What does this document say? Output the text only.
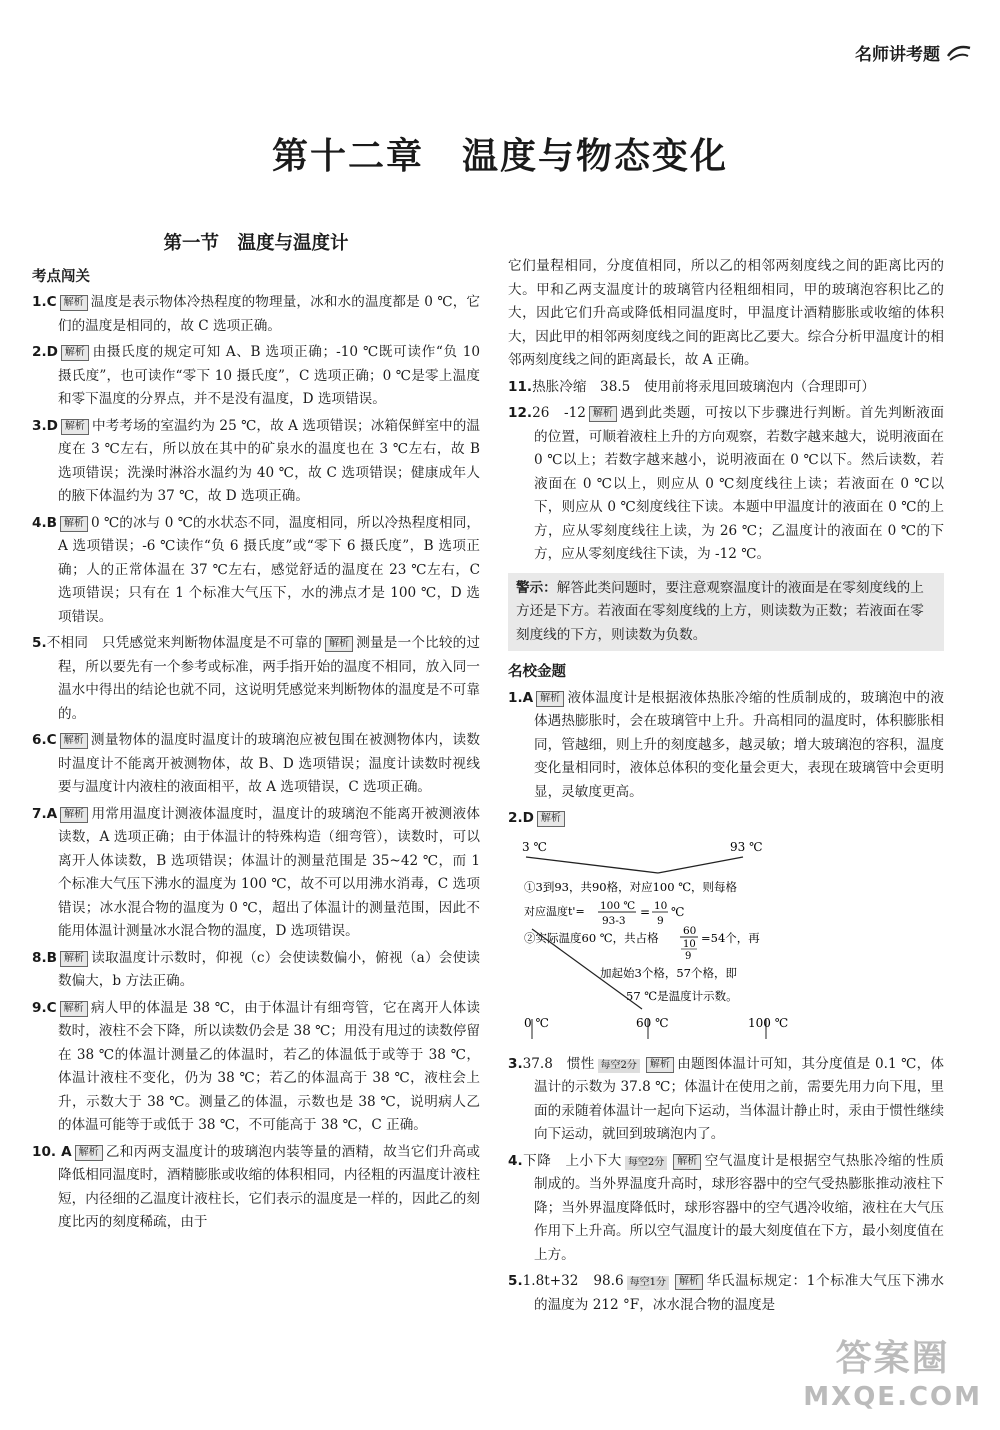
名师讲考题
第十二章　温度与物态变化
第一节　温度与温度计
考点闯关
1.C 解析 温度是表示物体冷热程度的物理量，冰和水的温度都是 0 ℃，它们的温度是相同的，故 C 选项正确。
2.D 解析 由摄氏度的规定可知 A、B 选项正确；-10 ℃既可读作“负 10 摄氏度”，也可读作“零下 10 摄氏度”，C 选项正确；0 ℃是零上温度和零下温度的分界点，并不是没有温度，D 选项错误。
3.D 解析 中考考场的室温约为 25 ℃，故 A 选项错误；冰箱保鲜室中的温度在 3 ℃左右，所以放在其中的矿泉水的温度也在 3 ℃左右，故 B 选项错误；洗澡时淋浴水温约为 40 ℃，故 C 选项错误；健康成年人的腋下体温约为 37 ℃，故 D 选项正确。
4.B 解析 0 ℃的冰与 0 ℃的水状态不同，温度相同，所以冷热程度相同，A 选项错误；-6 ℃读作“负 6 摄氏度”或“零下 6 摄氏度”，B 选项正确；人的正常体温在 37 ℃左右，感觉舒适的温度在 23 ℃左右，C 选项错误；只有在 1 个标准大气压下，水的沸点才是 100 ℃，D 选项错误。
5.不相同　只凭感觉来判断物体温度是不可靠的 解析 测量是一个比较的过程，所以要先有一个参考或标准，两手指开始的温度不相同，放入同一温水中得出的结论也就不同，这说明凭感觉来判断物体的温度是不可靠的。
6.C 解析 测量物体的温度时温度计的玻璃泡应被包围在被测物体内，读数时温度计不能离开被测物体，故 B、D 选项错误；温度计读数时视线要与温度计内液柱的液面相平，故 A 选项错误，C 选项正确。
7.A 解析 用常用温度计测液体温度时，温度计的玻璃泡不能离开被测液体读数，A 选项正确；由于体温计的特殊构造（细弯管），读数时，可以离开人体读数，B 选项错误；体温计的测量范围是 35~42 ℃，而 1 个标准大气压下沸水的温度为 100 ℃，故不可以用沸水消毒，C 选项错误；冰水混合物的温度为 0 ℃，超出了体温计的测量范围，因此不能用体温计测量冰水混合物的温度，D 选项错误。
8.B 解析 读取温度计示数时，仰视（c）会使读数偏小，俯视（a）会使读数偏大，b 方法正确。
9.C 解析 病人甲的体温是 38 ℃，由于体温计有细弯管，它在离开人体读数时，液柱不会下降，所以读数仍会是 38 ℃；用没有甩过的读数停留在 38 ℃的体温计测量乙的体温时，若乙的体温低于或等于 38 ℃，体温计液柱不变化，仍为 38 ℃；若乙的体温高于 38 ℃，液柱会上升，示数大于 38 ℃。测量乙的体温，示数也是 38 ℃，说明病人乙的体温可能等于或低于 38 ℃，不可能高于 38 ℃，C 正确。
10. A 解析 乙和丙两支温度计的玻璃泡内装等量的酒精，故当它们升高或降低相同温度时，酒精膨胀或收缩的体积相同，内径粗的丙温度计液柱短，内径细的乙温度计液柱长，它们表示的温度是一样的，因此乙的刻度比丙的刻度稀疏，由于
它们量程相同，分度值相同，所以乙的相邻两刻度线之间的距离比丙的大。甲和乙两支温度计的玻璃管内径粗细相同，甲的玻璃泡容积比乙的大，因此它们升高或降低相同温度时，甲温度计酒精膨胀或收缩的体积大，因此甲的相邻两刻度线之间的距离比乙要大。综合分析甲温度计的相邻两刻度线之间的距离最长，故 A 正确。
11.热胀冷缩　38.5　使用前将汞甩回玻璃泡内（合理即可）
12.26　-12 解析 遇到此类题，可按以下步骤进行判断。首先判断液面的位置，可顺着液柱上升的方向观察，若数字越来越大，说明液面在 0 ℃以上；若数字越来越小，说明液面在 0 ℃以下。然后读数，若液面在 0 ℃以上，则应从 0 ℃刻度线往上读；若液面在 0 ℃以下，则应从 0 ℃刻度线往下读。本题中甲温度计的液面在 0 ℃的上方，应从零刻度线往上读，为 26 ℃；乙温度计的液面在 0 ℃的下方，应从零刻度线往下读，为 -12 ℃。
警示：解答此类问题时，要注意观察温度计的液面是在零刻度线的上方还是下方。若液面在零刻度线的上方，则读数为正数；若液面在零刻度线的下方，则读数为负数。
名校金题
1.A 解析 液体温度计是根据液体热胀冷缩的性质制成的，玻璃泡中的液体遇热膨胀时，会在玻璃管中上升。升高相同的温度时，体积膨胀相同，管越细，则上升的刻度越多，越灵敏；增大玻璃泡的容积，温度变化量相同时，液体总体积的变化量会更大，表现在玻璃管中会更明显，灵敏度更高。
2.D 解析
3 ℃	93 ℃
①3到93，共90格，对应100 ℃，则每格
对应温度t'= 100 ℃
93-3
= 10
9
℃
②实际温度60 ℃，共占格 60
10
9
=54个，再
加起始3个格，57个格，即
57 ℃是温度计示数。
0 ℃	60 ℃	100 ℃
3.37.8　惯性 每空2分 解析 由题图体温计可知，其分度值是 0.1 ℃，体温计的示数为 37.8 ℃；体温计在使用之前，需要先用力向下甩，里面的汞随着体温计一起向下运动，当体温计静止时，汞由于惯性继续向下运动，就回到玻璃泡内了。
4.下降　上小下大 每空2分 解析 空气温度计是根据空气热胀冷缩的性质制成的。当外界温度升高时，球形容器中的空气受热膨胀推动液柱下降；当外界温度降低时，球形容器中的空气遇冷收缩，液柱在大气压作用下上升高。所以空气温度计的最大刻度值在下方，最小刻度值在上方。
5.1.8t+32　98.6 每空1分 解析 华氏温标规定：1个标准大气压下沸水的温度为 212 °F，冰水混合物的温度是
答案圈
MXQE.COM
